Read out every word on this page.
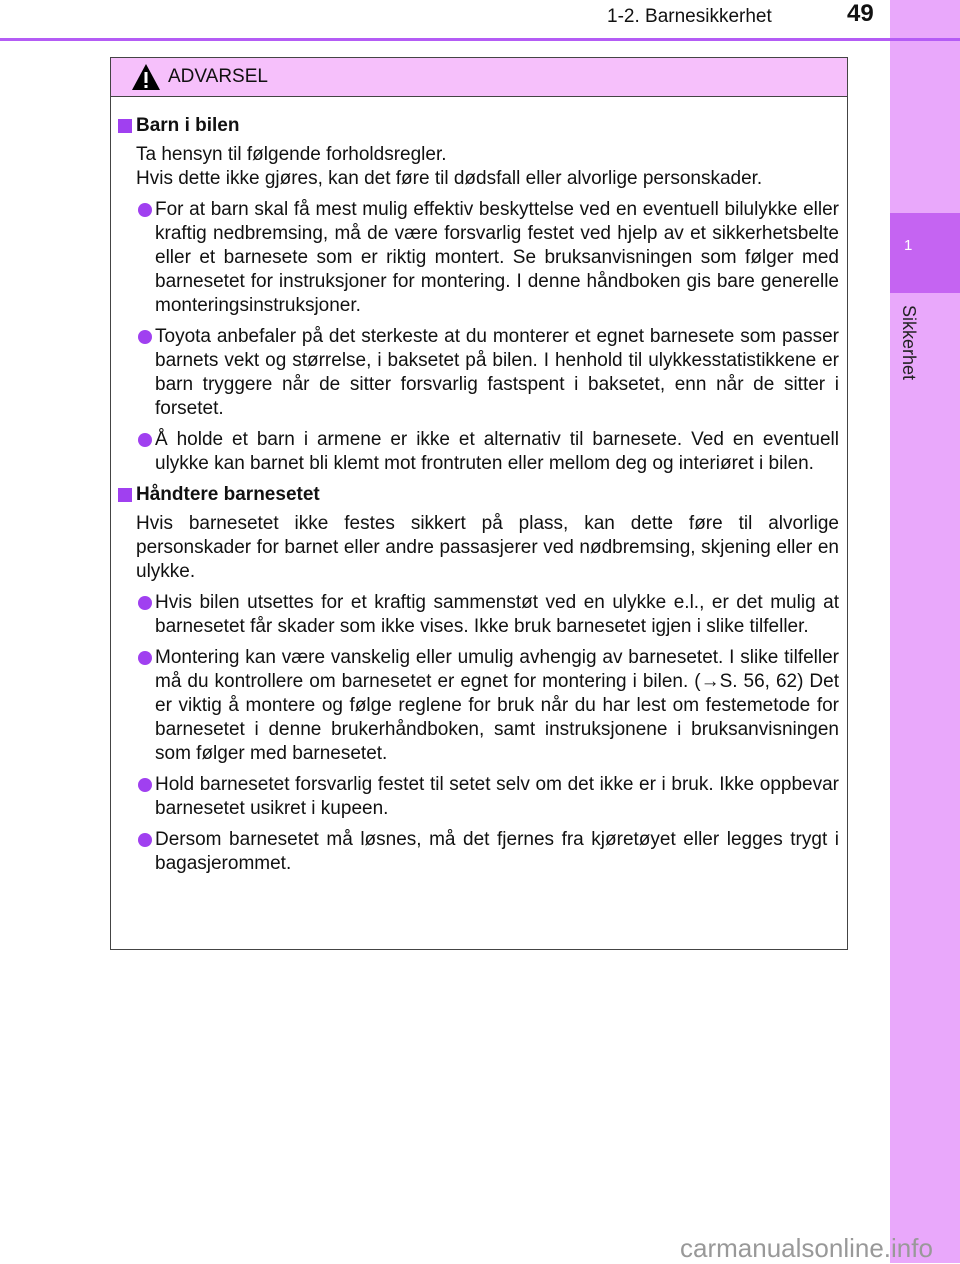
1
Sikkerhet
1-2. Barnesikkerhet	49
ADVARSEL
Barn i bilen
Ta hensyn til følgende forholdsregler.
Hvis dette ikke gjøres, kan det føre til dødsfall eller alvorlige personskader.
For at barn skal få mest mulig effektiv beskyttelse ved en eventuell bilulykke eller kraftig nedbremsing, må de være forsvarlig festet ved hjelp av et sikkerhetsbelte eller et barnesete som er riktig montert. Se bruksanvisningen som følger med barnesetet for instruksjoner for montering. I denne håndboken gis bare generelle monteringsinstruksjoner.
Toyota anbefaler på det sterkeste at du monterer et egnet barnesete som passer barnets vekt og størrelse, i baksetet på bilen. I henhold til ulykkesstatistikkene er barn tryggere når de sitter forsvarlig fastspent i baksetet, enn når de sitter i forsetet.
Å holde et barn i armene er ikke et alternativ til barnesete. Ved en eventuell ulykke kan barnet bli klemt mot frontruten eller mellom deg og interiøret i bilen.
Håndtere barnesetet
Hvis barnesetet ikke festes sikkert på plass, kan dette føre til alvorlige personskader for barnet eller andre passasjerer ved nødbremsing, skjening eller en ulykke.
Hvis bilen utsettes for et kraftig sammenstøt ved en ulykke e.l., er det mulig at barnesetet får skader som ikke vises. Ikke bruk barnesetet igjen i slike tilfeller.
Montering kan være vanskelig eller umulig avhengig av barnesetet. I slike tilfeller må du kontrollere om barnesetet er egnet for montering i bilen. (→S. 56, 62) Det er viktig å montere og følge reglene for bruk når du har lest om festemetode for barnesetet i denne brukerhåndboken, samt instruksjonene i bruksanvisningen som følger med barnesetet.
Hold barnesetet forsvarlig festet til setet selv om det ikke er i bruk. Ikke oppbevar barnesetet usikret i kupeen.
Dersom barnesetet må løsnes, må det fjernes fra kjøretøyet eller legges trygt i bagasjerommet.
carmanualsonline.info
